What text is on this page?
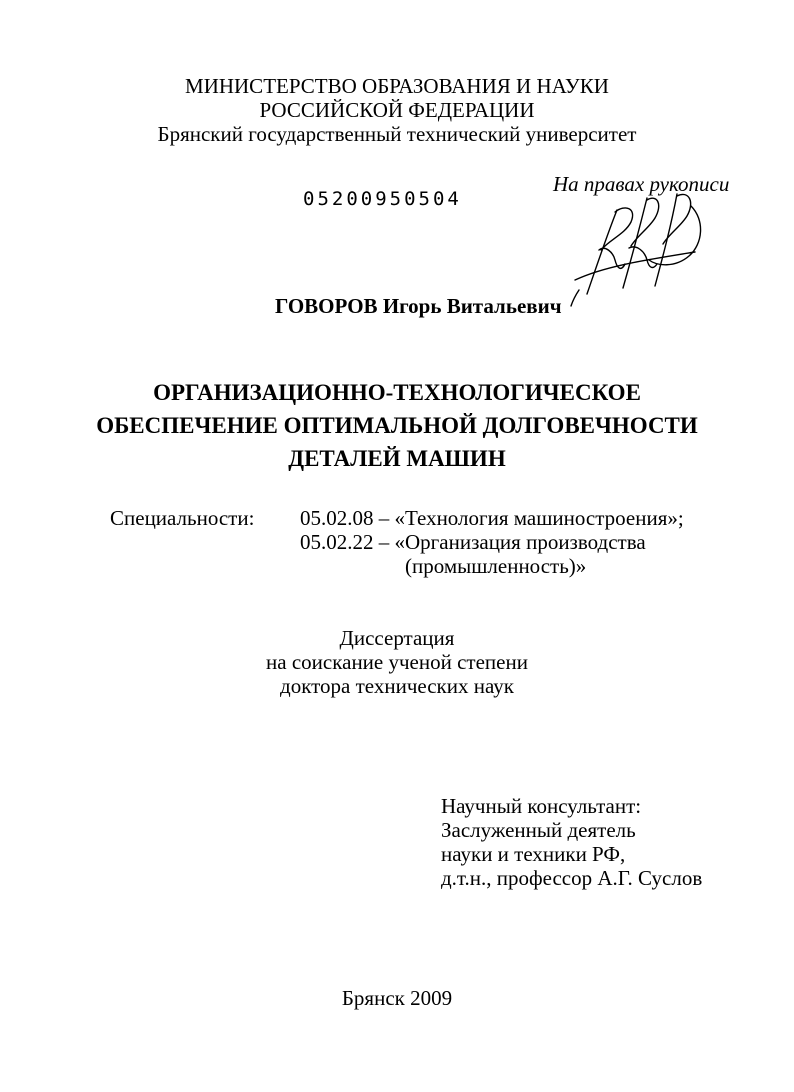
МИНИСТЕРСТВО ОБРАЗОВАНИЯ И НАУКИ
РОССИЙСКОЙ ФЕДЕРАЦИИ
Брянский государственный технический университет
На правах рукописи
05200950504
ГОВОРОВ Игорь Витальевич
ОРГАНИЗАЦИОННО-ТЕХНОЛОГИЧЕСКОЕ
ОБЕСПЕЧЕНИЕ ОПТИМАЛЬНОЙ ДОЛГОВЕЧНОСТИ
ДЕТАЛЕЙ МАШИН
Специальности: 05.02.08 – «Технология машиностроения»;
05.02.22 – «Организация производства
(промышленность)»
Диссертация
на соискание ученой степени
доктора технических наук
Научный консультант:
Заслуженный деятель
науки и техники РФ,
д.т.н., профессор А.Г. Суслов
Брянск 2009
